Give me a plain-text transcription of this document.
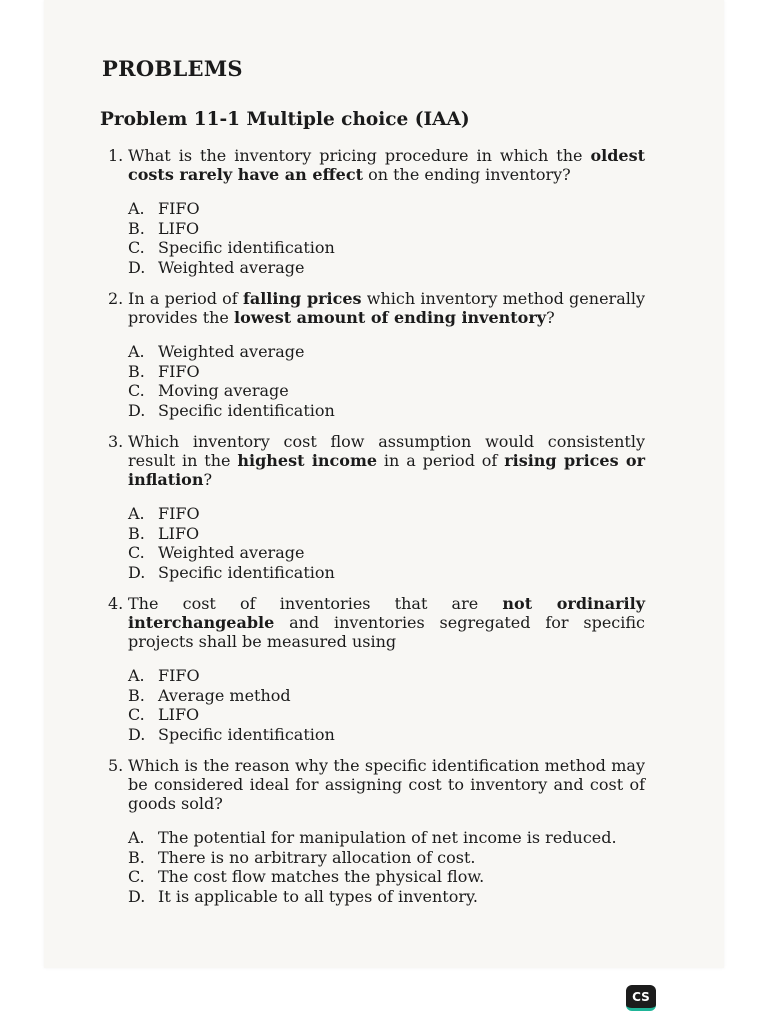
PROBLEMS
Problem 11-1 Multiple choice (IAA)
1. What is the inventory pricing procedure in which the oldest costs rarely have an effect on the ending inventory?
A. FIFO
B. LIFO
C. Specific identification
D. Weighted average
2. In a period of falling prices which inventory method generally provides the lowest amount of ending inventory?
A. Weighted average
B. FIFO
C. Moving average
D. Specific identification
3. Which inventory cost flow assumption would consistently result in the highest income in a period of rising prices or inflation?
A. FIFO
B. LIFO
C. Weighted average
D. Specific identification
4. The cost of inventories that are not ordinarily interchangeable and inventories segregated for specific projects shall be measured using
A. FIFO
B. Average method
C. LIFO
D. Specific identification
5. Which is the reason why the specific identification method may be considered ideal for assigning cost to inventory and cost of goods sold?
A. The potential for manipulation of net income is reduced.
B. There is no arbitrary allocation of cost.
C. The cost flow matches the physical flow.
D. It is applicable to all types of inventory.
CS
